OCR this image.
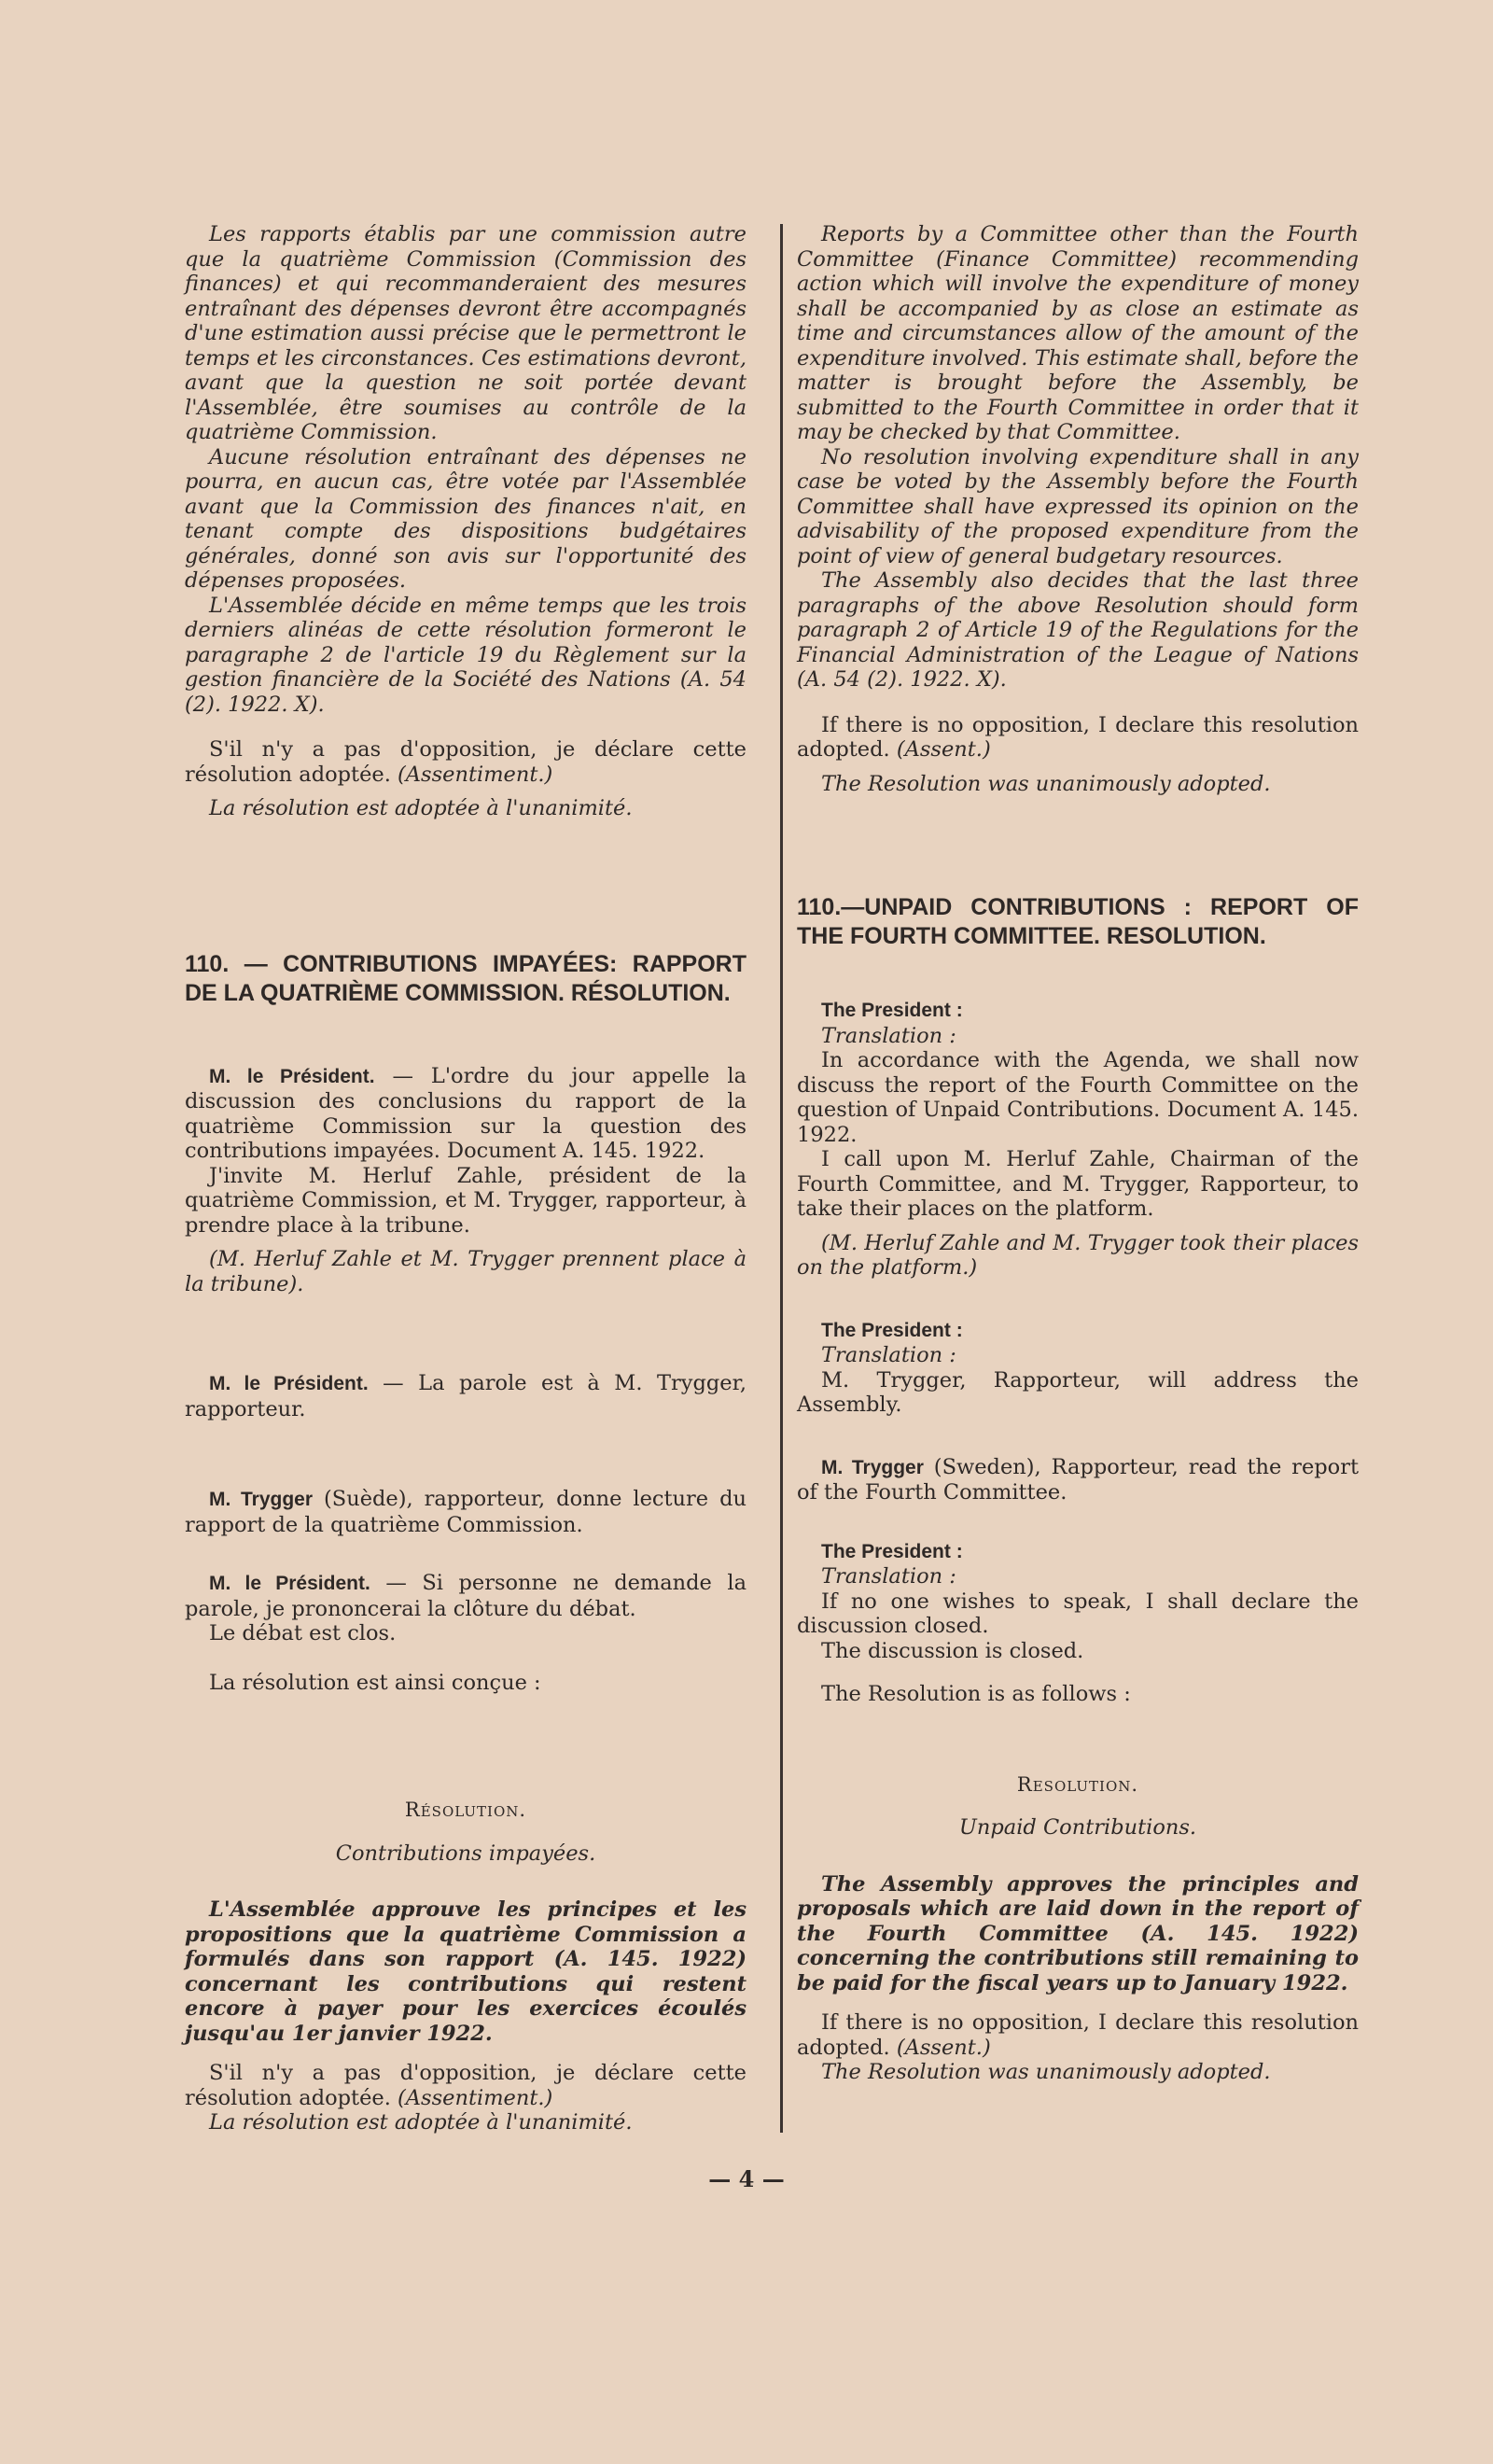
Les rapports établis par une commission autre que la quatrième Commission (Commission des finances) et qui recommanderaient des mesures entraînant des dépenses devront être accompagnés d'une estimation aussi précise que le permettront le temps et les circonstances. Ces estimations devront, avant que la question ne soit portée devant l'Assemblée, être soumises au contrôle de la quatrième Commission.

Aucune résolution entraînant des dépenses ne pourra, en aucun cas, être votée par l'Assemblée avant que la Commission des finances n'ait, en tenant compte des dispositions budgétaires générales, donné son avis sur l'opportunité des dépenses proposées.

L'Assemblée décide en même temps que les trois derniers alinéas de cette résolution formeront le paragraphe 2 de l'article 19 du Règlement sur la gestion financière de la Société des Nations (A. 54 (2). 1922. X).

S'il n'y a pas d'opposition, je déclare cette résolution adoptée. (Assentiment.)

La résolution est adoptée à l'unanimité.

110. — CONTRIBUTIONS IMPAYÉES: RAPPORT DE LA QUATRIÈME COMMISSION. RÉSOLUTION.

M. le Président. — L'ordre du jour appelle la discussion des conclusions du rapport de la quatrième Commission sur la question des contributions impayées. Document A. 145. 1922.

J'invite M. Herluf Zahle, président de la quatrième Commission, et M. Trygger, rapporteur, à prendre place à la tribune.

(M. Herluf Zahle et M. Trygger prennent place à la tribune).

M. le Président. — La parole est à M. Trygger, rapporteur.

M. Trygger (Suède), rapporteur, donne lecture du rapport de la quatrième Commission.

M. le Président. — Si personne ne demande la parole, je prononcerai la clôture du débat.

Le débat est clos.

La résolution est ainsi conçue :

Résolution.

Contributions impayées.

L'Assemblée approuve les principes et les propositions que la quatrième Commission a formulés dans son rapport (A. 145. 1922) concernant les contributions qui restent encore à payer pour les exercices écoulés jusqu'au 1er janvier 1922.

S'il n'y a pas d'opposition, je déclare cette résolution adoptée. (Assentiment.)

La résolution est adoptée à l'unanimité.

Reports by a Committee other than the Fourth Committee (Finance Committee) recommending action which will involve the expenditure of money shall be accompanied by as close an estimate as time and circumstances allow of the amount of the expenditure involved. This estimate shall, before the matter is brought before the Assembly, be submitted to the Fourth Committee in order that it may be checked by that Committee.

No resolution involving expenditure shall in any case be voted by the Assembly before the Fourth Committee shall have expressed its opinion on the advisability of the proposed expenditure from the point of view of general budgetary resources.

The Assembly also decides that the last three paragraphs of the above Resolution should form paragraph 2 of Article 19 of the Regulations for the Financial Administration of the League of Nations (A. 54 (2). 1922. X).

If there is no opposition, I declare this resolution adopted. (Assent.)

The Resolution was unanimously adopted.

110.—UNPAID CONTRIBUTIONS : REPORT OF THE FOURTH COMMITTEE. RESOLUTION.

The President :

Translation :

In accordance with the Agenda, we shall now discuss the report of the Fourth Committee on the question of Unpaid Contributions. Document A. 145. 1922.

I call upon M. Herluf Zahle, Chairman of the Fourth Committee, and M. Trygger, Rapporteur, to take their places on the platform.

(M. Herluf Zahle and M. Trygger took their places on the platform.)

The President :

Translation :

M. Trygger, Rapporteur, will address the Assembly.

M. Trygger (Sweden), Rapporteur, read the report of the Fourth Committee.

The President :

Translation :

If no one wishes to speak, I shall declare the discussion closed.

The discussion is closed.

The Resolution is as follows :

Resolution.

Unpaid Contributions.

The Assembly approves the principles and proposals which are laid down in the report of the Fourth Committee (A. 145. 1922) concerning the contributions still remaining to be paid for the fiscal years up to January 1922.

If there is no opposition, I declare this resolution adopted. (Assent.)

The Resolution was unanimously adopted.

— 4 —
